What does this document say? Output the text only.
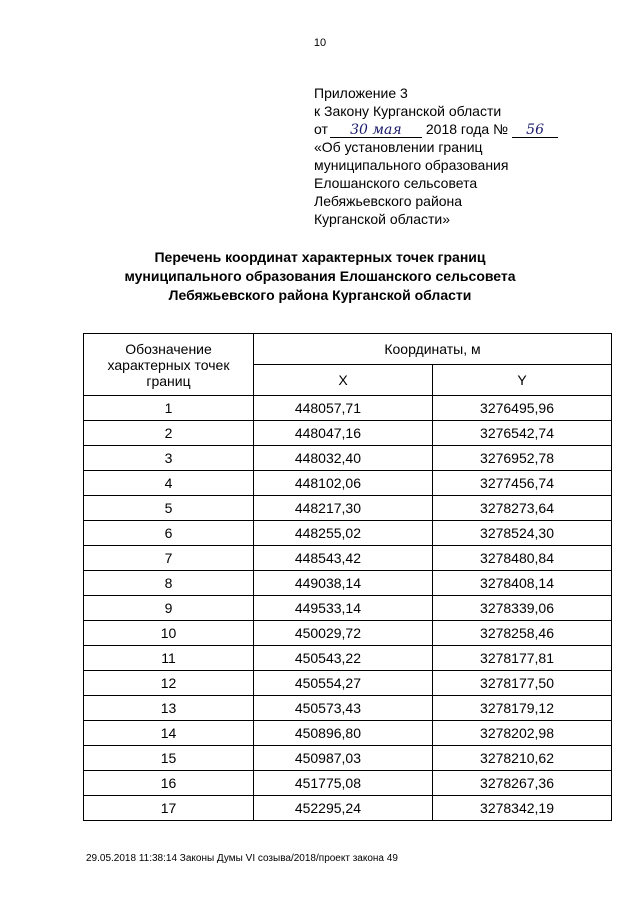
10
Приложение 3
к Закону Курганской области
от 30 мая 2018 года № 56
«Об установлении границ
муниципального образования
Елошанского сельсовета
Лебяжьевского района
Курганской области»
Перечень координат характерных точек границ
муниципального образования Елошанского сельсовета
Лебяжьевского района Курганской области
Обозначение характерных точек границ	Координаты, м	
	X	Y
1	448057,71	3276495,96
2	448047,16	3276542,74
3	448032,40	3276952,78
4	448102,06	3277456,74
5	448217,30	3278273,64
6	448255,02	3278524,30
7	448543,42	3278480,84
8	449038,14	3278408,14
9	449533,14	3278339,06
10	450029,72	3278258,46
11	450543,22	3278177,81
12	450554,27	3278177,50
13	450573,43	3278179,12
14	450896,80	3278202,98
15	450987,03	3278210,62
16	451775,08	3278267,36
17	452295,24	3278342,19
29.05.2018 11:38:14 Законы Думы VI созыва/2018/проект закона 49
